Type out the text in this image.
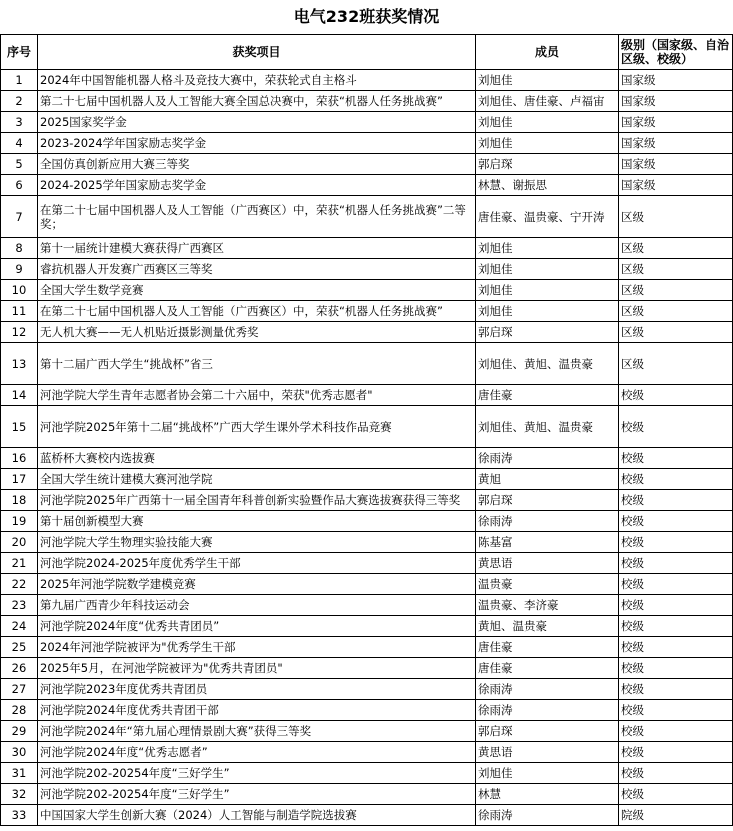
电气232班获奖情况
序号	获奖项目	成员	级别（国家级、自治区级、校级）
1	2024年中国智能机器人格斗及竞技大赛中，荣获轮式自主格斗	刘旭佳	国家级
2	第二十七届中国机器人及人工智能大赛全国总决赛中，荣获“机器人任务挑战赛”	刘旭佳、唐佳豪、卢福宙	国家级
3	2025国家奖学金	刘旭佳	国家级
4	2023-2024学年国家励志奖学金	刘旭佳	国家级
5	全国仿真创新应用大赛三等奖	郭启琛	国家级
6	2024-2025学年国家励志奖学金	林慧、谢振思	国家级
7	在第二十七届中国机器人及人工智能（广西赛区）中，荣获“机器人任务挑战赛”二等奖；	唐佳豪、温贵豪、宁开涛	区级
8	第十一届统计建模大赛获得广西赛区	刘旭佳	区级
9	睿抗机器人开发赛广西赛区三等奖	刘旭佳	区级
10	全国大学生数学竞赛	刘旭佳	区级
11	在第二十七届中国机器人及人工智能（广西赛区）中，荣获“机器人任务挑战赛”	刘旭佳	区级
12	无人机大赛——无人机贴近摄影测量优秀奖	郭启琛	区级
13	第十二届广西大学生“挑战杯”省三	刘旭佳、黄旭、温贵豪	区级
14	河池学院大学生青年志愿者协会第二十六届中，荣获"优秀志愿者"	唐佳豪	校级
15	河池学院2025年第十二届“挑战杯”广西大学生课外学术科技作品竞赛	刘旭佳、黄旭、温贵豪	校级
16	蓝桥杯大赛校内选拔赛	徐雨涛	校级
17	全国大学生统计建模大赛河池学院	黄旭	校级
18	河池学院2025年广西第十一届全国青年科普创新实验暨作品大赛选拔赛获得三等奖	郭启琛	校级
19	第十届创新模型大赛	徐雨涛	校级
20	河池学院大学生物理实验技能大赛	陈基富	校级
21	河池学院2024-2025年度优秀学生干部	黄思语	校级
22	2025年河池学院数学建模竞赛	温贵豪	校级
23	第九届广西青少年科技运动会	温贵豪、李济豪	校级
24	河池学院2024年度“优秀共青团员”	黄旭、温贵豪	校级
25	2024年河池学院被评为"优秀学生干部	唐佳豪	校级
26	2025年5月，在河池学院被评为"优秀共青团员"	唐佳豪	校级
27	河池学院2023年度优秀共青团员	徐雨涛	校级
28	河池学院2024年度优秀共青团干部	徐雨涛	校级
29	河池学院2024年“第九届心理情景剧大赛”获得三等奖	郭启琛	校级
30	河池学院2024年度“优秀志愿者”	黄思语	校级
31	河池学院202-20254年度“三好学生”	刘旭佳	校级
32	河池学院202-20254年度“三好学生”	林慧	校级
33	中国国家大学生创新大赛（2024）人工智能与制造学院选拔赛	徐雨涛	院级
